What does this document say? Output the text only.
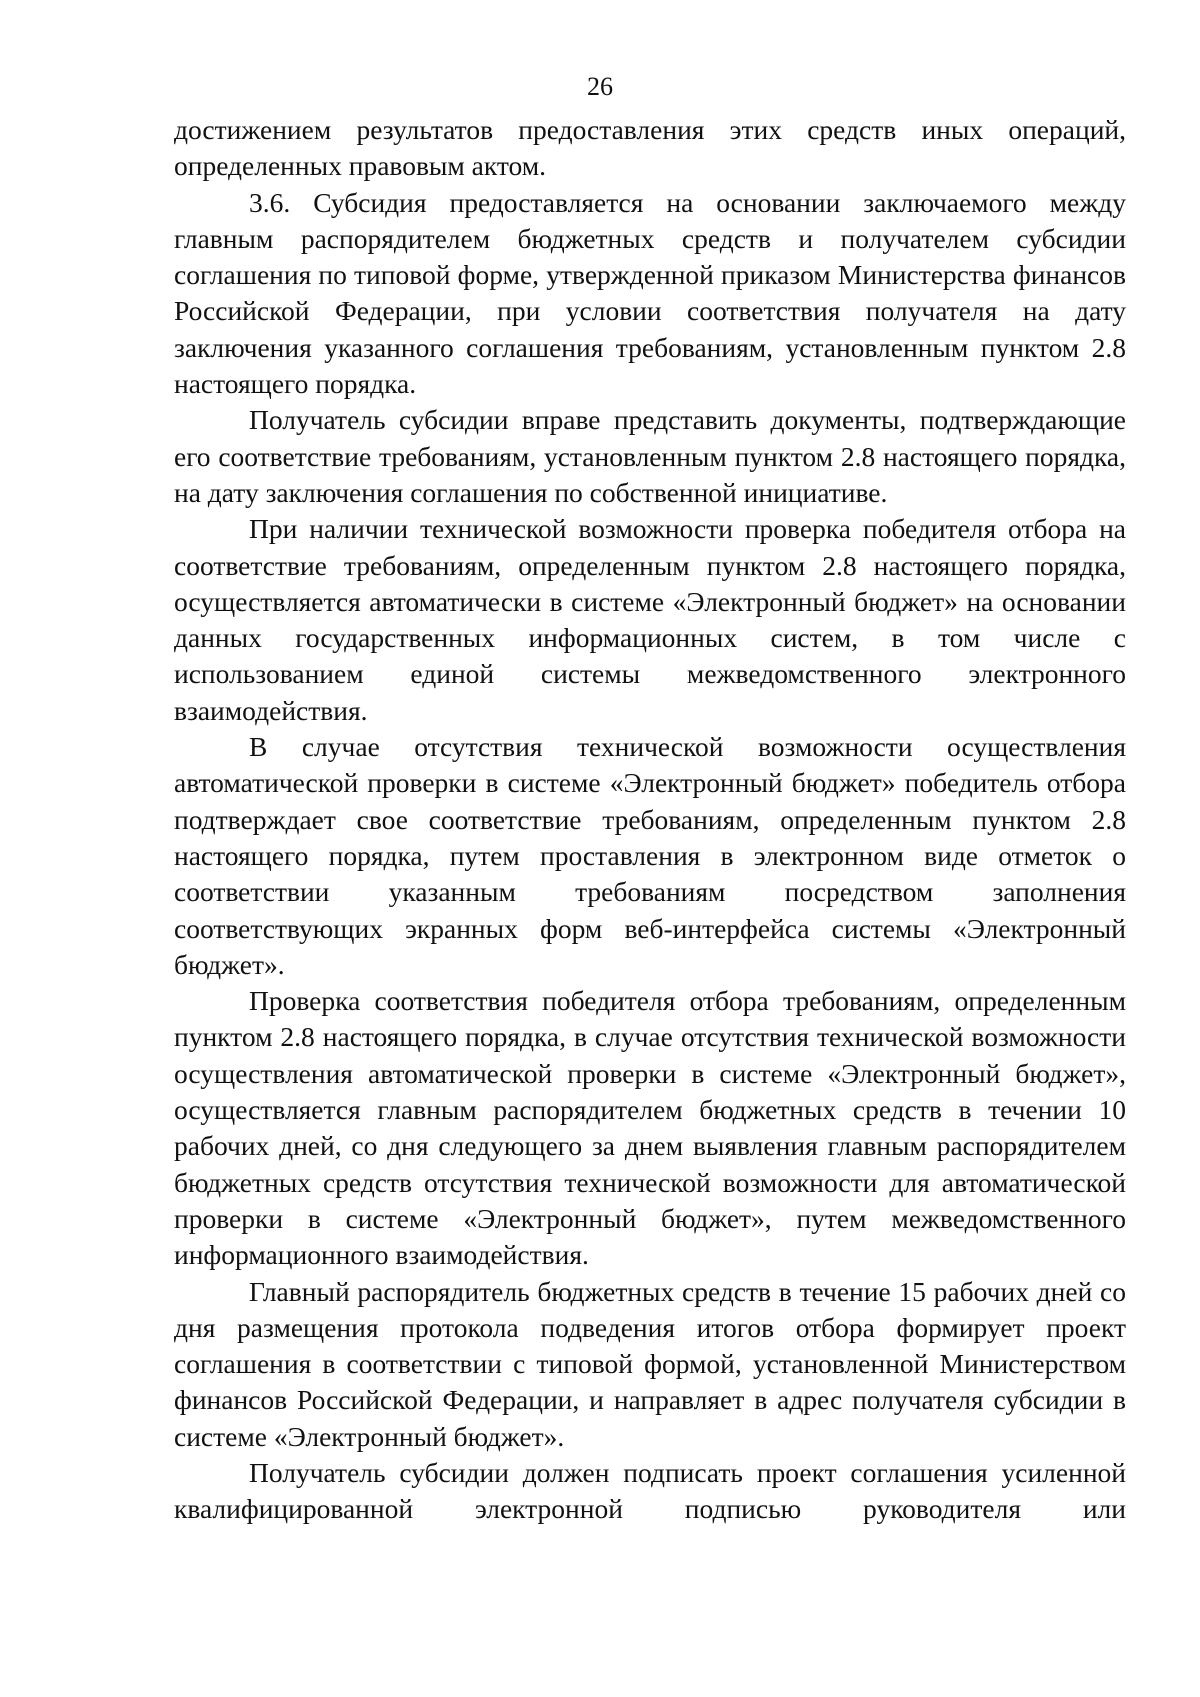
26

достижением результатов предоставления этих средств иных операций, определенных правовым актом.

3.6. Субсидия предоставляется на основании заключаемого между главным распорядителем бюджетных средств и получателем субсидии соглашения по типовой форме, утвержденной приказом Министерства финансов Российской Федерации, при условии соответствия получателя на дату заключения указанного соглашения требованиям, установленным пунктом 2.8 настоящего порядка.

Получатель субсидии вправе представить документы, подтверждающие его соответствие требованиям, установленным пунктом 2.8 настоящего порядка, на дату заключения соглашения по собственной инициативе.

При наличии технической возможности проверка победителя отбора на соответствие требованиям, определенным пунктом 2.8 настоящего порядка, осуществляется автоматически в системе «Электронный бюджет» на основании данных государственных информационных систем, в том числе с использованием единой системы межведомственного электронного взаимодействия.

В случае отсутствия технической возможности осуществления автоматической проверки в системе «Электронный бюджет» победитель отбора подтверждает свое соответствие требованиям, определенным пунктом 2.8 настоящего порядка, путем проставления в электронном виде отметок о соответствии указанным требованиям посредством заполнения соответствующих экранных форм веб-интерфейса системы «Электронный бюджет».

Проверка соответствия победителя отбора требованиям, определенным пунктом 2.8 настоящего порядка, в случае отсутствия технической возможности осуществления автоматической проверки в системе «Электронный бюджет», осуществляется главным распорядителем бюджетных средств в течении 10 рабочих дней, со дня следующего за днем выявления главным распорядителем бюджетных средств отсутствия технической возможности для автоматической проверки в системе «Электронный бюджет», путем межведомственного информационного взаимодействия.

Главный распорядитель бюджетных средств в течение 15 рабочих дней со дня размещения протокола подведения итогов отбора формирует проект соглашения в соответствии с типовой формой, установленной Министерством финансов Российской Федерации, и направляет в адрес получателя субсидии в системе «Электронный бюджет».

Получатель субсидии должен подписать проект соглашения усиленной квалифицированной электронной подписью руководителя или
